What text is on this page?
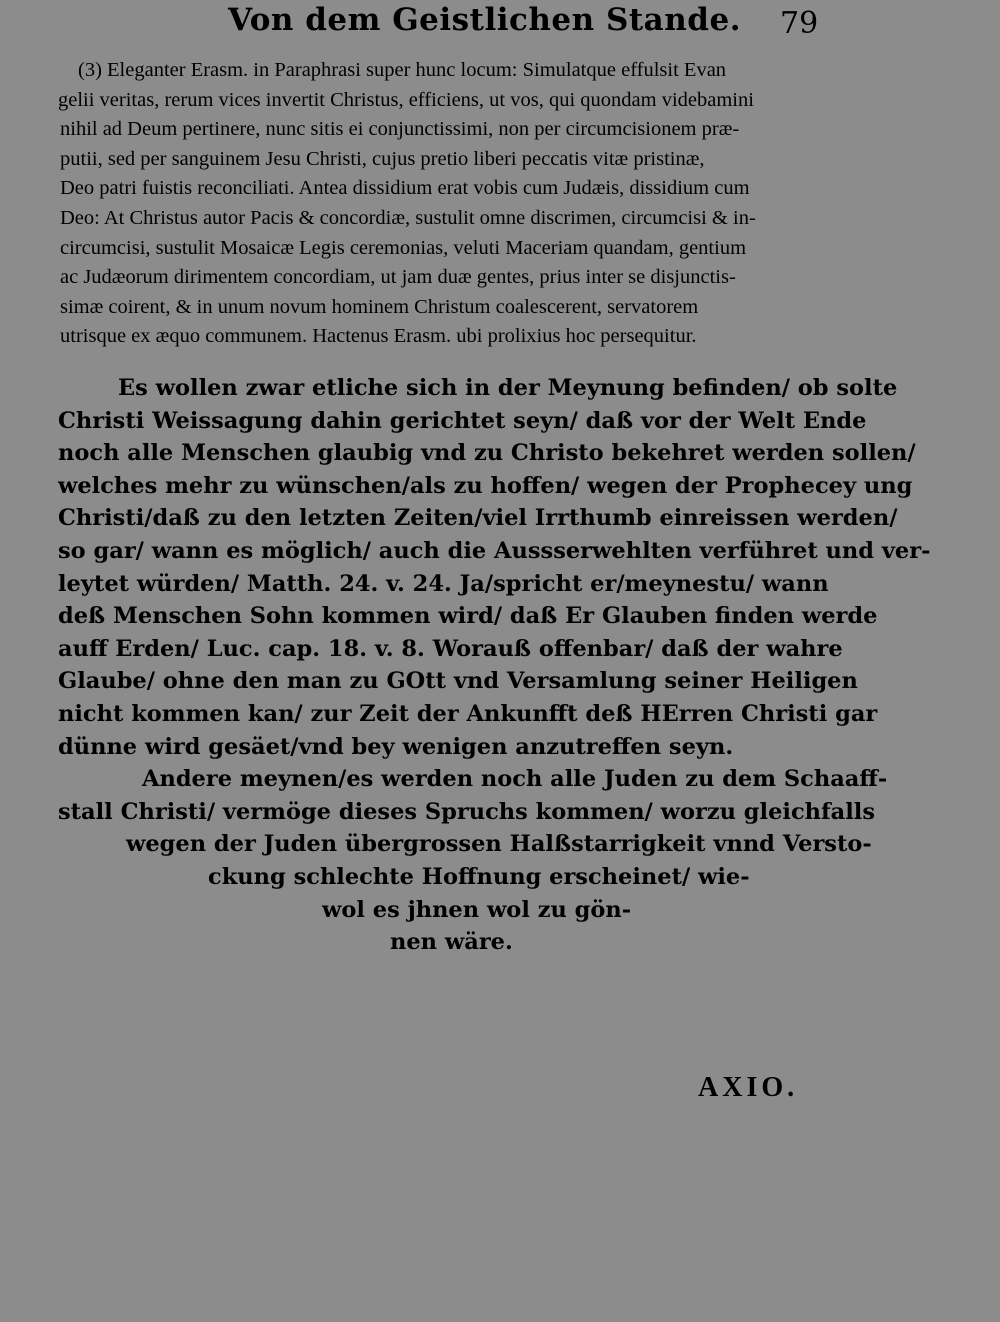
Von dem Geistlichen Stande. 79
(3) Eleganter Erasm. in Paraphrasi super hunc locum: Simulatque effulsit Evan
gelii veritas, rerum vices invertit Christus, efficiens, ut vos, qui quondam videbamini
nihil ad Deum pertinere, nunc sitis ei conjunctissimi, non per circumcisionem præ-
putii, sed per sanguinem Jesu Christi, cujus pretio liberi peccatis vitæ pristinæ,
Deo patri fuistis reconciliati. Antea dissidium erat vobis cum Judæis, dissidium cum
Deo: At Christus autor Pacis & concordiæ, sustulit omne discrimen, circumcisi & in-
circumcisi, sustulit Mosaicæ Legis ceremonias, veluti Maceriam quandam, gentium
ac Judæorum dirimentem concordiam, ut jam duæ gentes, prius inter se disjunctis-
simæ coirent, & in unum novum hominem Christum coalescerent, servatorem
utrisque ex æquo communem. Hactenus Erasm. ubi prolixius hoc persequitur.
Es wollen zwar etliche sich in der Meynung befinden/ ob solte
Christi Weissagung dahin gerichtet seyn/ daß vor der Welt Ende
noch alle Menschen glaubig vnd zu Christo bekehret werden sollen/
welches mehr zu wünschen/als zu hoffen/ wegen der Prophecey ung
Christi/daß zu den letzten Zeiten/viel Irrthumb einreissen werden/
so gar/ wann es möglich/ auch die Aussserwehlten verführet und ver-
leytet würden/ Matth. 24. v. 24. Ja/spricht er/meynestu/ wann
deß Menschen Sohn kommen wird/ daß Er Glauben finden werde
auff Erden/ Luc. cap. 18. v. 8. Worauß offenbar/ daß der wahre
Glaube/ ohne den man zu GOtt vnd Versamlung seiner Heiligen
nicht kommen kan/ zur Zeit der Ankunfft deß HErren Christi gar
dünne wird gesäet/vnd bey wenigen anzutreffen seyn.
Andere meynen/es werden noch alle Juden zu dem Schaaff-
stall Christi/ vermöge dieses Spruchs kommen/ worzu gleichfalls
wegen der Juden übergrossen Halßstarrigkeit vnnd Versto-
ckung schlechte Hoffnung erscheinet/ wie-
wol es jhnen wol zu gön-
nen wäre.
AXIO.
